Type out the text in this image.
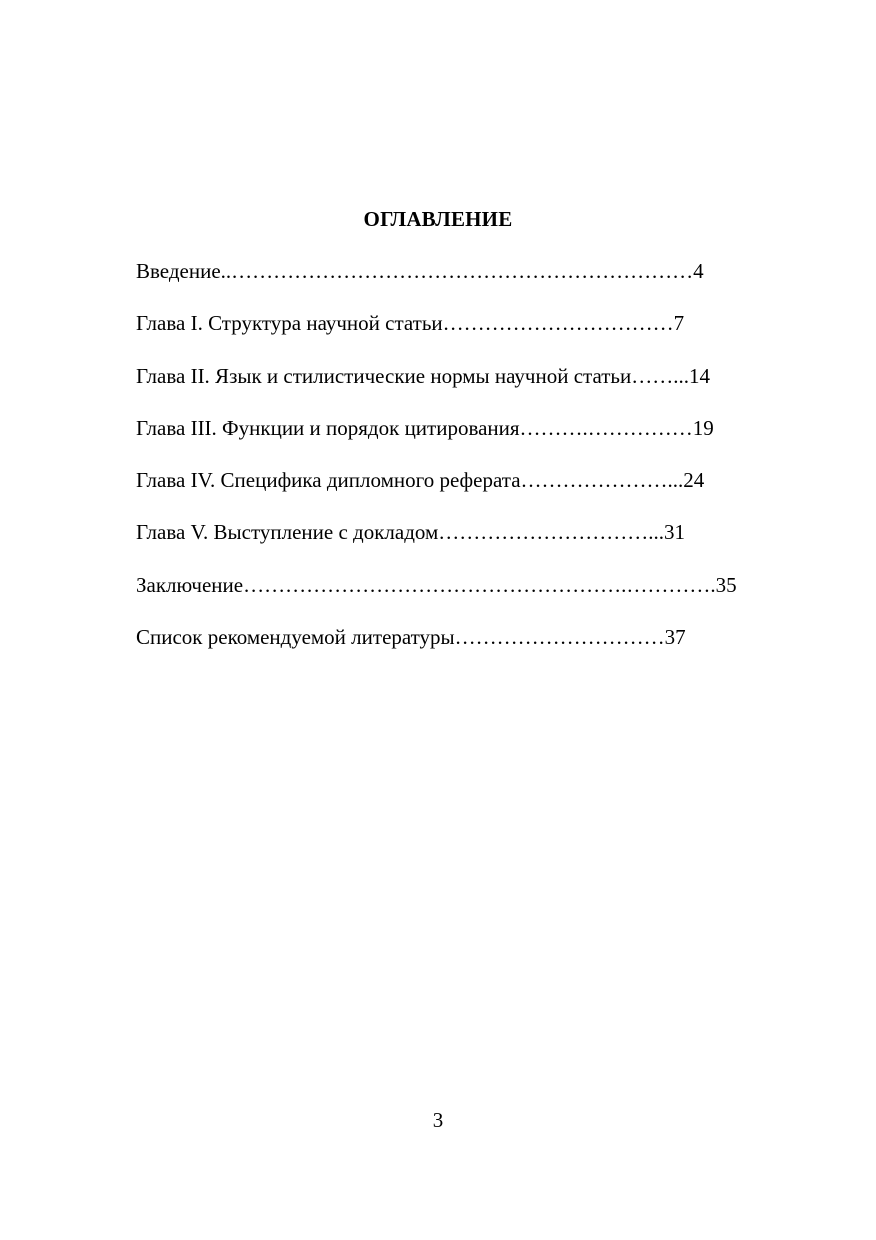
ОГЛАВЛЕНИЕ
Введение..…………………………………………………………4
Глава I. Структура научной статьи……………………………7
Глава II. Язык и стилистические нормы научной статьи……...14
Глава III. Функции и порядок цитирования……….……………19
Глава IV. Специфика дипломного реферата…………………...24
Глава V. Выступление с докладом…………………………...31
Заключение……………………………………………….………….35
Список рекомендуемой литературы…………………………37
3
